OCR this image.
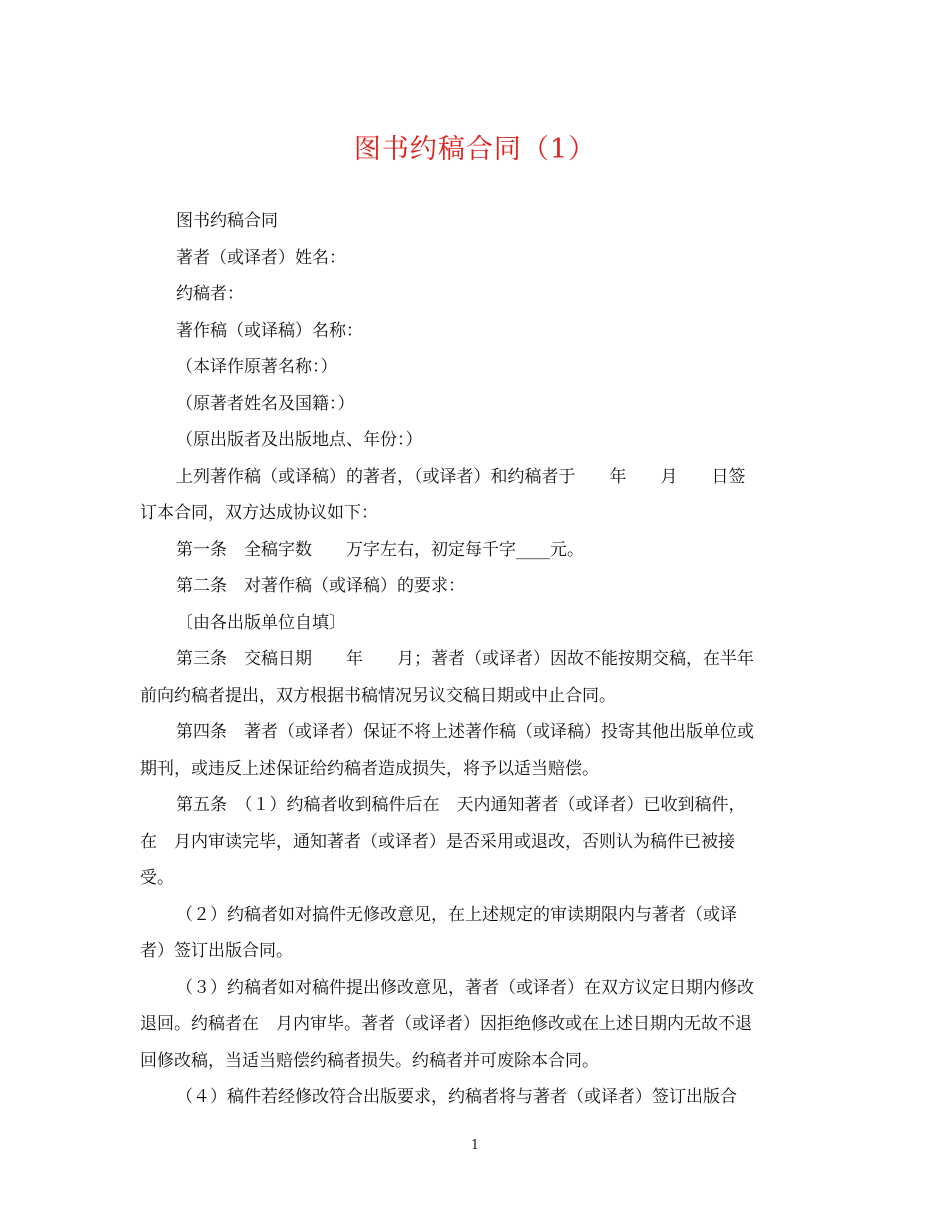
图书约稿合同（1）
图书约稿合同
著者（或译者）姓名：
约稿者：
著作稿（或译稿）名称：
（本译作原著名称：）
（原著者姓名及国籍：）
（原出版者及出版地点、年份：）
上列著作稿（或译稿）的著者，（或译者）和约稿者于　　年　　月　　日签
订本合同，双方达成协议如下：
第一条　全稿字数　　万字左右，初定每千字____元。
第二条　对著作稿（或译稿）的要求：
〔由各出版单位自填〕
第三条　交稿日期　　年　　月；著者（或译者）因故不能按期交稿，在半年
前向约稿者提出，双方根据书稿情况另议交稿日期或中止合同。
第四条　著者（或译者）保证不将上述著作稿（或译稿）投寄其他出版单位或
期刊，或违反上述保证给约稿者造成损失，将予以适当赔偿。
第五条　（１）约稿者收到稿件后在　天内通知著者（或译者）已收到稿件，
在　月内审读完毕，通知著者（或译者）是否采用或退改，否则认为稿件已被接
受。
（２）约稿者如对搞件无修改意见，在上述规定的审读期限内与著者（或译
者）签订出版合同。
（３）约稿者如对稿件提出修改意见，著者（或译者）在双方议定日期内修改
退回。约稿者在　月内审毕。著者（或译者）因拒绝修改或在上述日期内无故不退
回修改稿，当适当赔偿约稿者损失。约稿者并可废除本合同。
（４）稿件若经修改符合出版要求，约稿者将与著者（或译者）签订出版合
1
